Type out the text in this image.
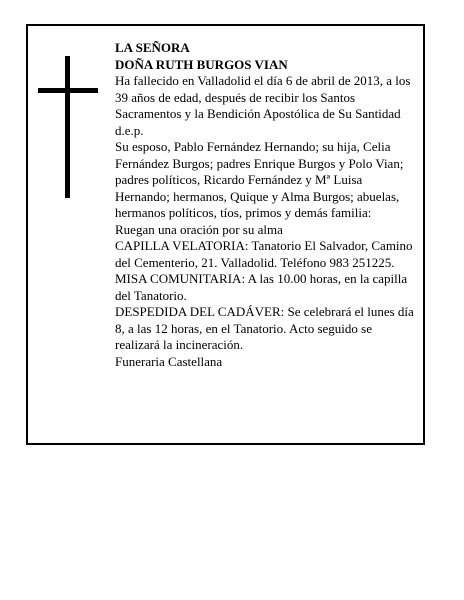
LA SEÑORA

DOÑA RUTH BURGOS VIAN

Ha fallecido en Valladolid el día 6 de abril de 2013, a los 39 años de edad, después de recibir los Santos Sacramentos y la Bendición Apostólica de Su Santidad d.e.p.

Su esposo, Pablo Fernández Hernando; su hija, Celia Fernández Burgos; padres Enrique Burgos y Polo Vian; padres políticos, Ricardo Fernández y Mª Luisa Hernando; hermanos, Quique y Alma Burgos; abuelas, hermanos políticos, tíos, primos y demás familia:

Ruegan una oración por su alma

CAPILLA VELATORIA: Tanatorio El Salvador, Camino del Cementerio, 21. Valladolid. Teléfono 983 251225.

MISA COMUNITARIA: A las 10.00 horas, en la capilla del Tanatorio.

DESPEDIDA DEL CADÁVER: Se celebrará el lunes día 8, a las 12 horas, en el Tanatorio. Acto seguido se realizará la incineración.

Funeraria Castellana
